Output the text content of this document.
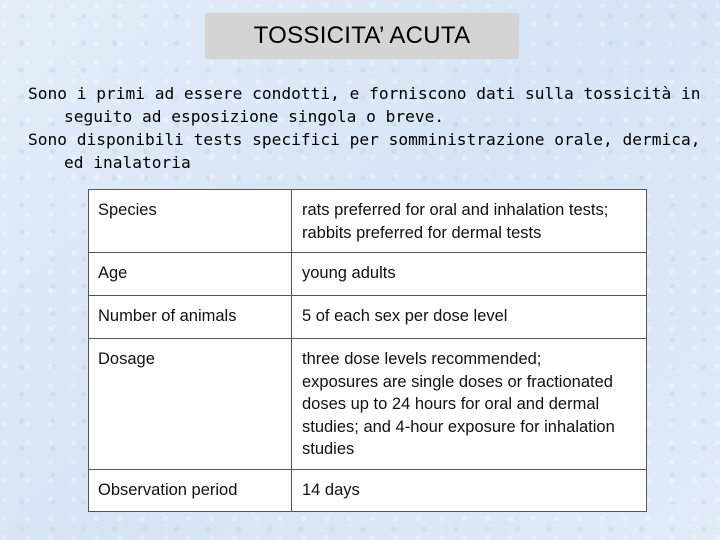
TOSSICITA’ ACUTA

Sono i primi ad essere condotti, e forniscono dati sulla tossicità in seguito ad esposizione singola o breve.

Sono disponibili tests specifici per somministrazione orale, dermica, ed inalatoria

Species	rats preferred for oral and inhalation tests;
rabbits preferred for dermal tests

Age	young adults
Number of animals	5 of each sex per dose level
Dosage	three dose levels recommended;
exposures are single doses or fractionated
doses up to 24 hours for oral and dermal
studies; and 4-hour exposure for inhalation
studies

Observation period	14 days
